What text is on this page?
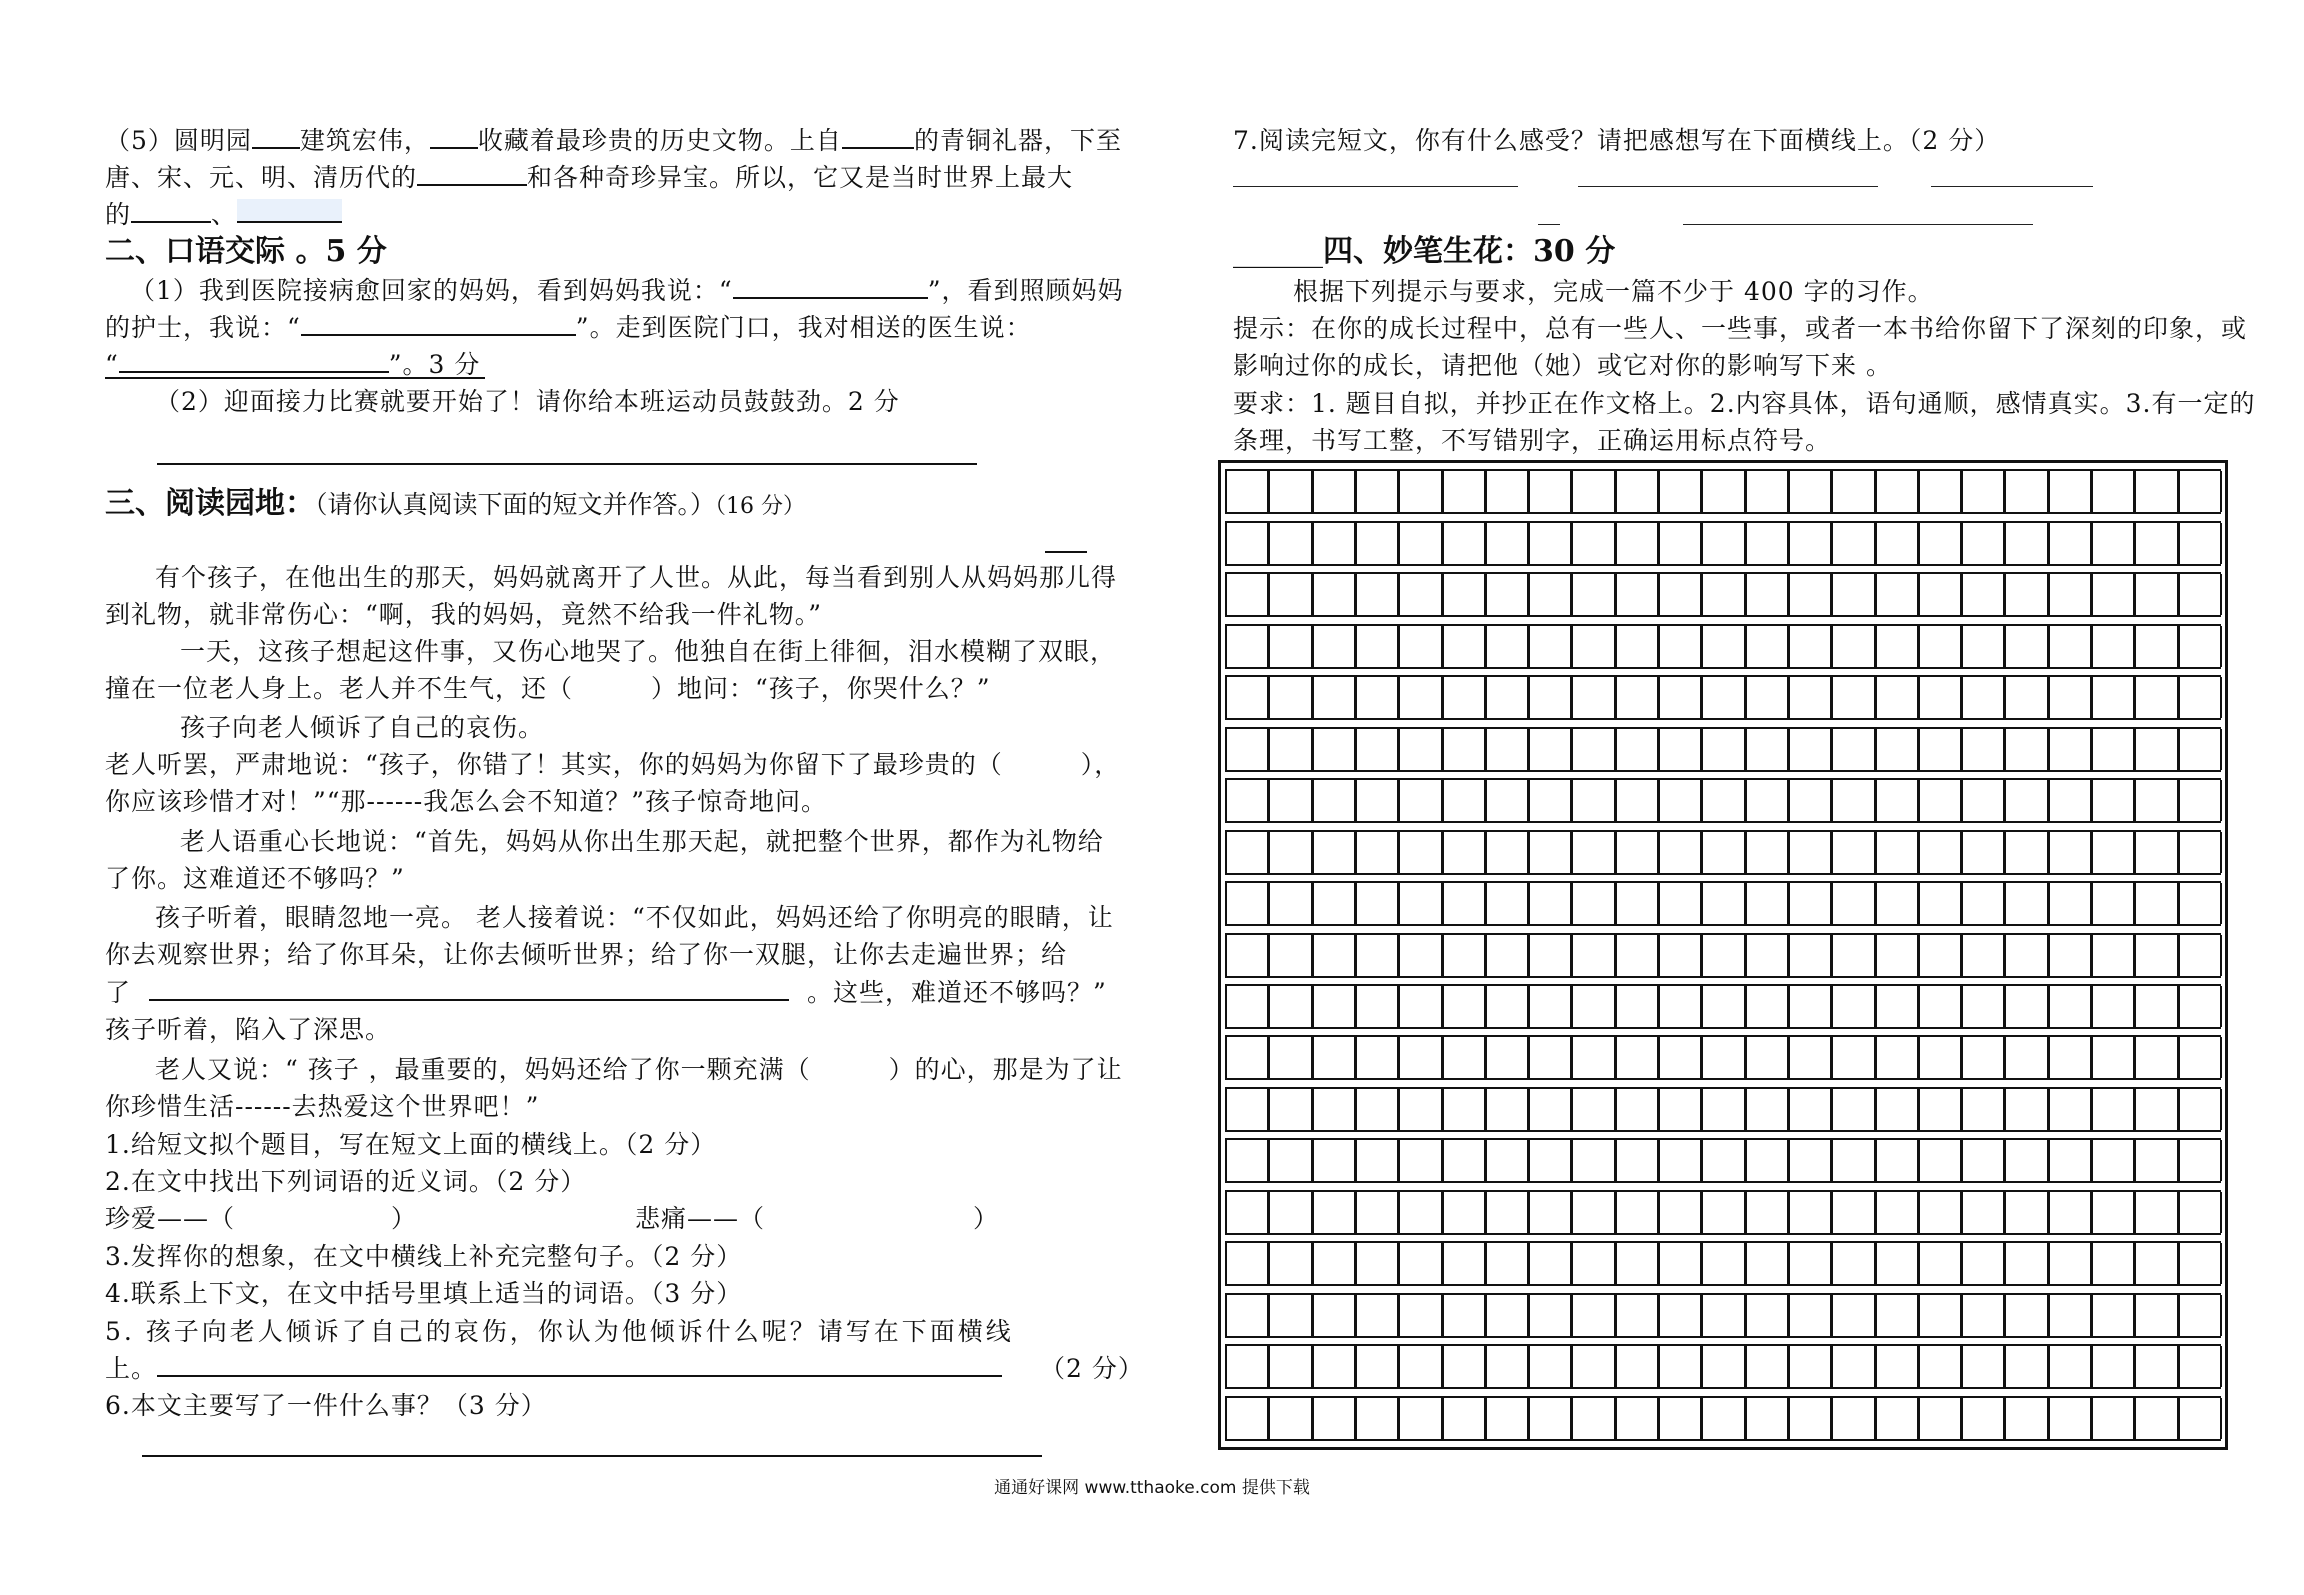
（5）圆明园 建筑宏伟， 收藏着最珍贵的历史文物。上自	的青铜礼器，下至
唐、宋、元、明、清历代的	和各种奇珍异宝。所以，它又是当时世界上最大
的	、
二、口语交际 。5 分
（1）我到医院接病愈回家的妈妈，看到妈妈我说：“	”，看到照顾妈妈
的护士，我说：“	”。走到医院门口，我对相送的医生说：
“	”。3 分
（2）迎面接力比赛就要开始了！请你给本班运动员鼓鼓劲。2 分
三、阅读园地：（请你认真阅读下面的短文并作答。）（16 分）
有个孩子，在他出生的那天，妈妈就离开了人世。从此，每当看到别人从妈妈那儿得
到礼物，就非常伤心：“啊，我的妈妈，竟然不给我一件礼物。”
一天，这孩子想起这件事，又伤心地哭了。他独自在街上徘徊，泪水模糊了双眼，
撞在一位老人身上。老人并不生气，还（　　　）地问：“孩子，你哭什么？”
孩子向老人倾诉了自己的哀伤。
老人听罢，严肃地说：“孩子，你错了！其实，你的妈妈为你留下了最珍贵的（　　　），
你应该珍惜才对！”“那------我怎么会不知道？”孩子惊奇地问。
老人语重心长地说：“首先，妈妈从你出生那天起，就把整个世界，都作为礼物给
了你。这难道还不够吗？”
孩子听着，眼睛忽地一亮。 老人接着说：“不仅如此，妈妈还给了你明亮的眼睛，让
你去观察世界；给了你耳朵，让你去倾听世界；给了你一双腿，让你去走遍世界；给
了	。这些，难道还不够吗？”
孩子听着，陷入了深思。
老人又说：“ 孩子 ，最重要的，妈妈还给了你一颗充满（　　　）的心，那是为了让
你珍惜生活------去热爱这个世界吧！”
1.给短文拟个题目，写在短文上面的横线上。（2 分）
2.在文中找出下列词语的近义词。（2 分）
珍爱——（　　　　　　）	悲痛——（　　　　　　　　）
3.发挥你的想象，在文中横线上补充完整句子。（2 分）
4.联系上下文，在文中括号里填上适当的词语。（3 分）
5. 孩子向老人倾诉了自己的哀伤，你认为他倾诉什么呢？请写在下面横线
上。	（2 分）
6.本文主要写了一件什么事？（3 分）
7.阅读完短文，你有什么感受？请把感想写在下面横线上。（2 分）
______四、妙笔生花：30 分
根据下列提示与要求，完成一篇不少于 400 字的习作。
提示：在你的成长过程中，总有一些人、一些事，或者一本书给你留下了深刻的印象，或
影响过你的成长，请把他（她）或它对你的影响写下来 。
要求：1. 题目自拟，并抄正在作文格上。2.内容具体，语句通顺，感情真实。3.有一定的
条理，书写工整，不写错别字，正确运用标点符号。
通通好课网 www.tthaoke.com 提供下载
